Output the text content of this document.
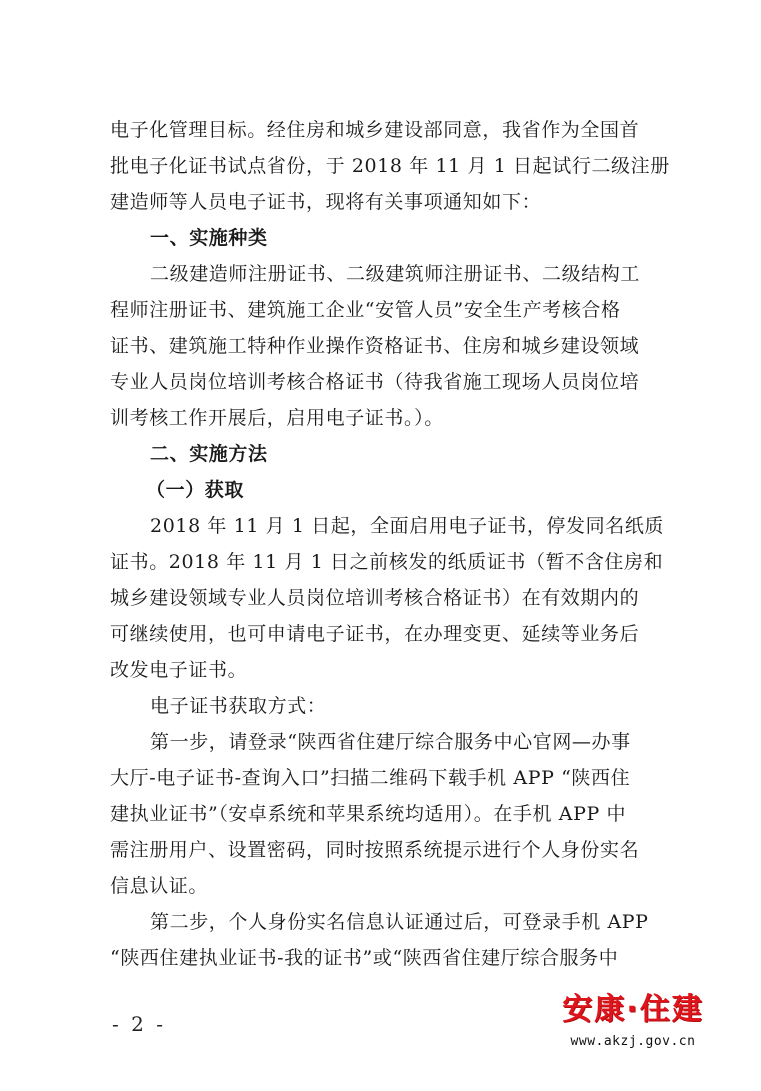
电子化管理目标。经住房和城乡建设部同意，我省作为全国首
批电子化证书试点省份，于 2018 年 11 月 1 日起试行二级注册
建造师等人员电子证书，现将有关事项通知如下：
一、实施种类
二级建造师注册证书、二级建筑师注册证书、二级结构工
程师注册证书、建筑施工企业“安管人员”安全生产考核合格
证书、建筑施工特种作业操作资格证书、住房和城乡建设领域
专业人员岗位培训考核合格证书（待我省施工现场人员岗位培
训考核工作开展后，启用电子证书。）。
二、实施方法
（一）获取
2018 年 11 月 1 日起，全面启用电子证书，停发同名纸质
证书。2018 年 11 月 1 日之前核发的纸质证书（暂不含住房和
城乡建设领域专业人员岗位培训考核合格证书）在有效期内的
可继续使用，也可申请电子证书，在办理变更、延续等业务后
改发电子证书。
电子证书获取方式：
第一步，请登录“陕西省住建厅综合服务中心官网—办事
大厅-电子证书-查询入口”扫描二维码下载手机 APP “陕西住
建执业证书”（安卓系统和苹果系统均适用）。在手机 APP 中
需注册用户、设置密码，同时按照系统提示进行个人身份实名
信息认证。
第二步，个人身份实名信息认证通过后，可登录手机 APP
“陕西住建执业证书-我的证书”或“陕西省住建厅综合服务中
- 2 -	安康·住建
www.akzj.gov.cn
